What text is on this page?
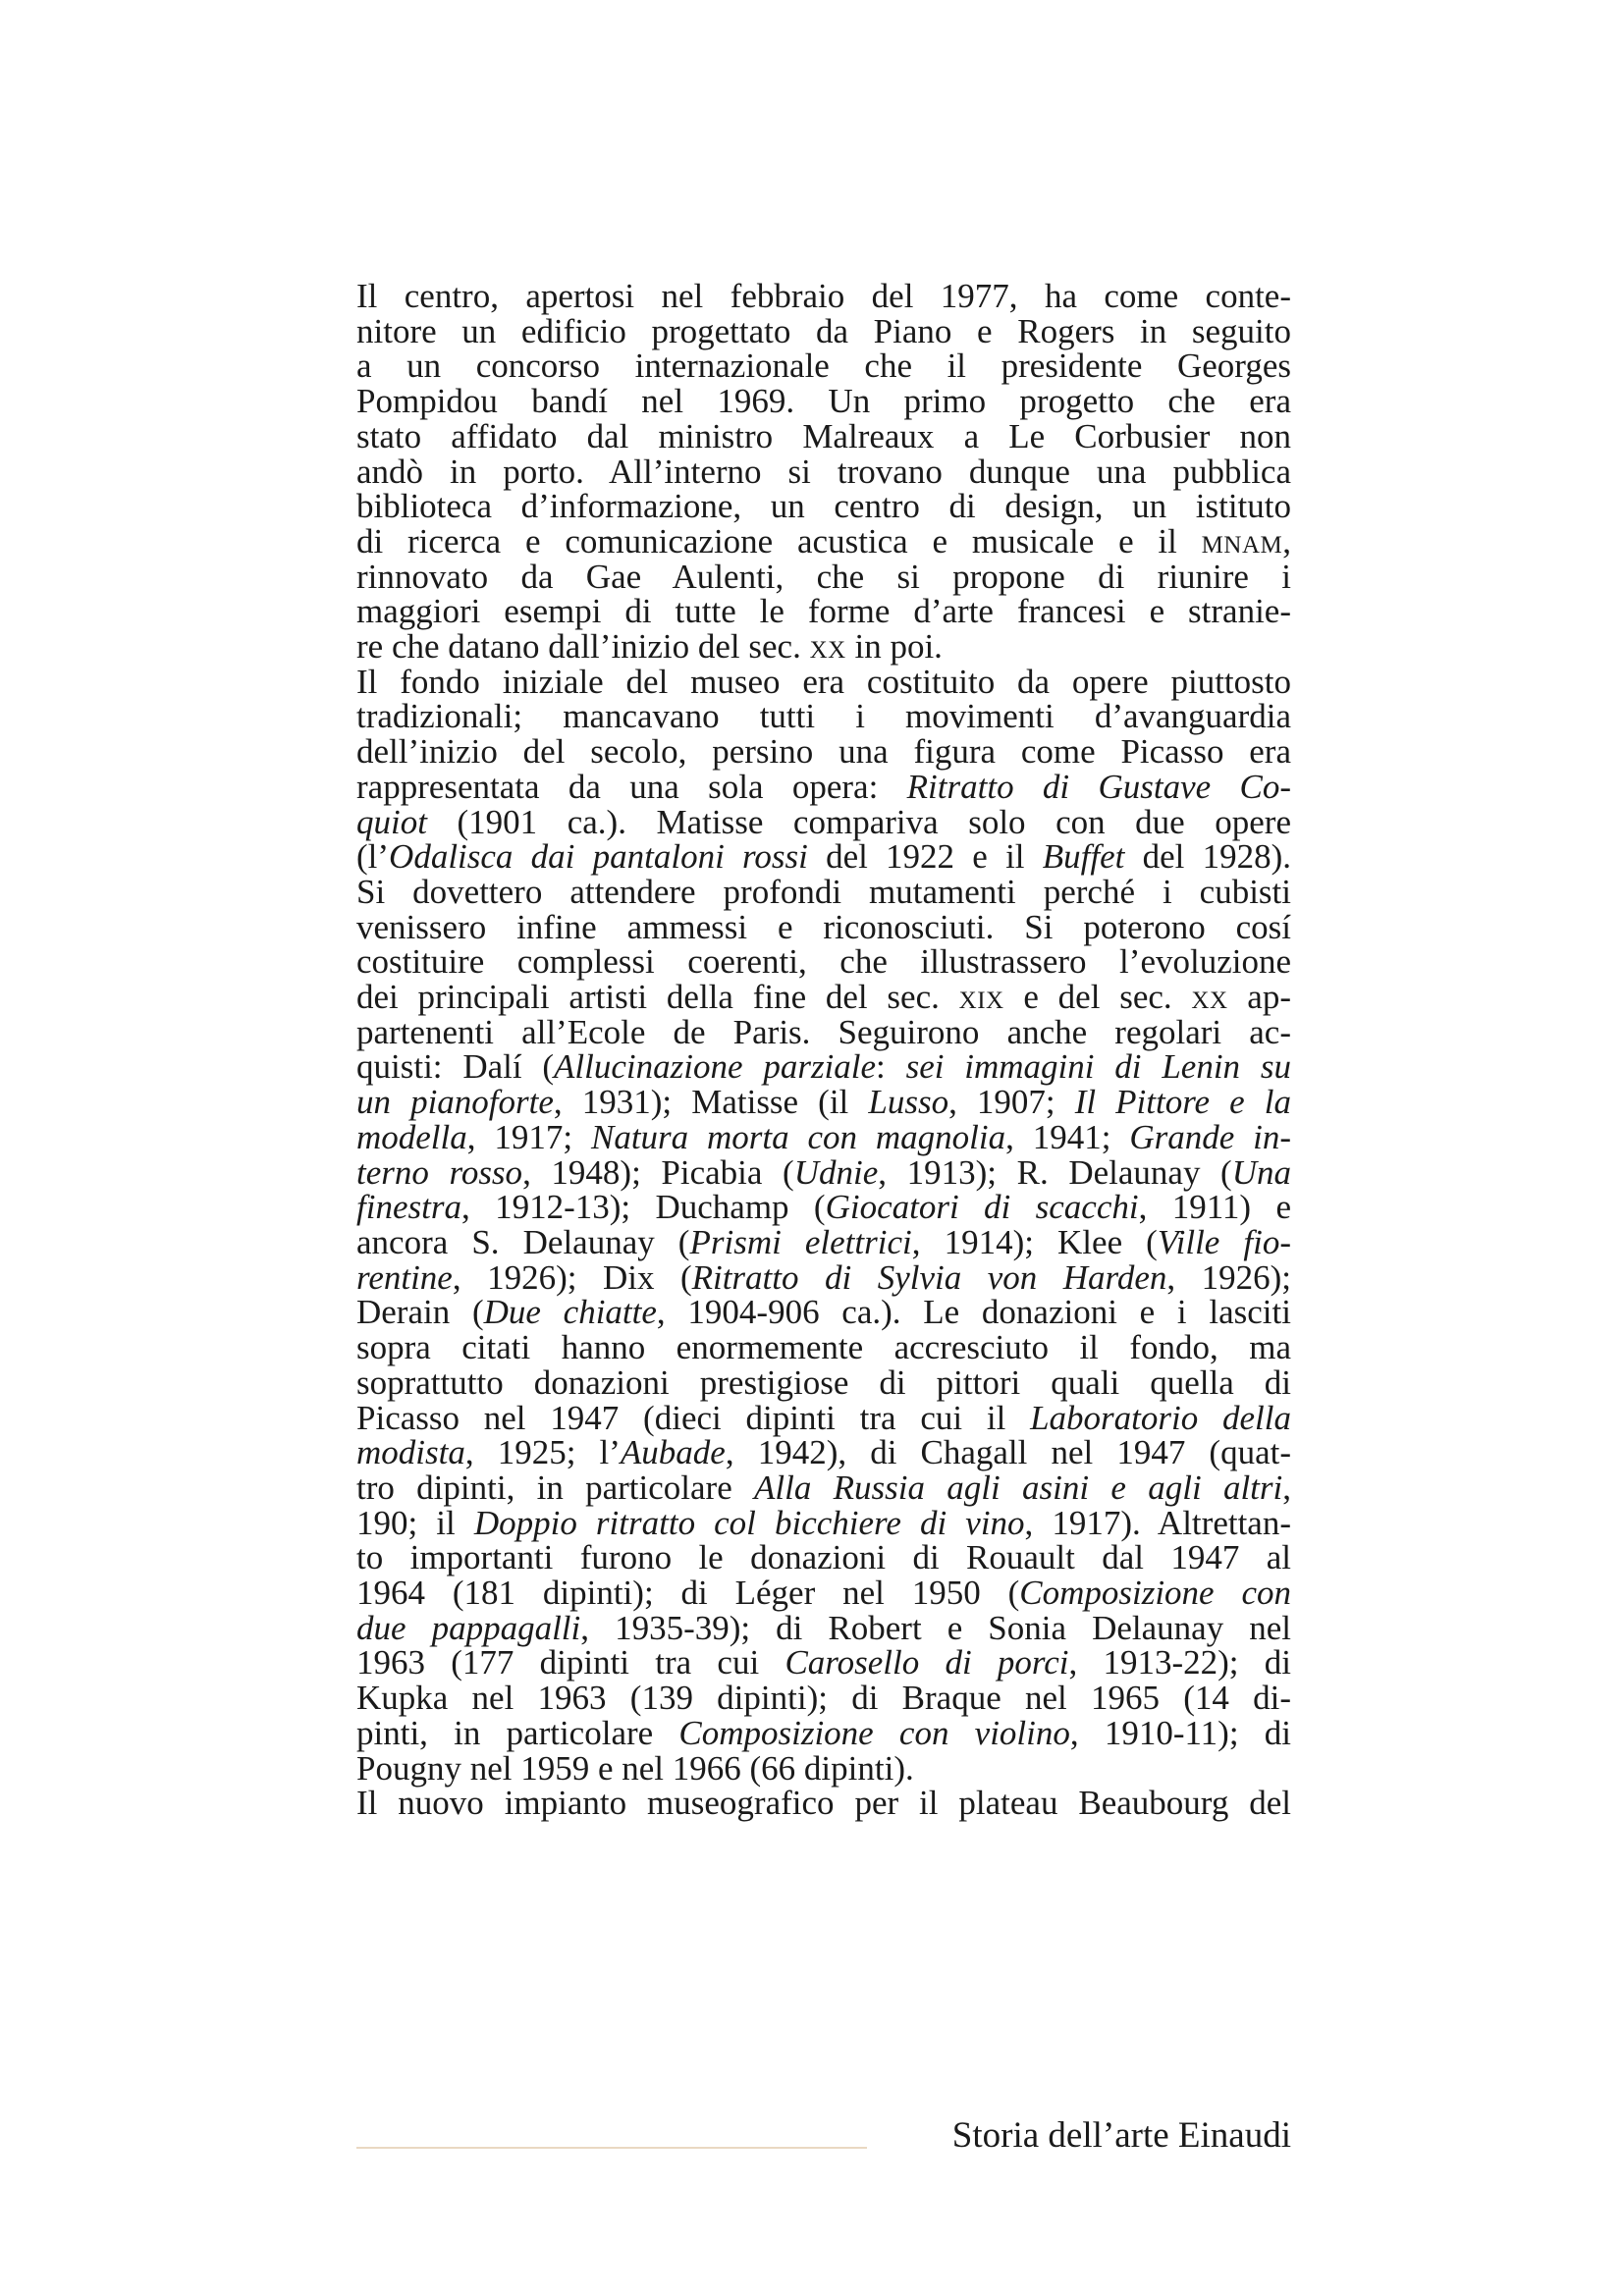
Il centro, apertosi nel febbraio del 1977, ha come conte-
nitore un edificio progettato da Piano e Rogers in seguito
a un concorso internazionale che il presidente Georges
Pompidou bandí nel 1969. Un primo progetto che era
stato affidato dal ministro Malreaux a Le Corbusier non
andò in porto. All’interno si trovano dunque una pubblica
biblioteca d’informazione, un centro di design, un istituto
di ricerca e comunicazione acustica e musicale e il mnam,
rinnovato da Gae Aulenti, che si propone di riunire i
maggiori esempi di tutte le forme d’arte francesi e stranie-
re che datano dall’inizio del sec. xx in poi.
Il fondo iniziale del museo era costituito da opere piuttosto
tradizionali; mancavano tutti i movimenti d’avanguardia
dell’inizio del secolo, persino una figura come Picasso era
rappresentata da una sola opera: Ritratto di Gustave Co-
quiot (1901 ca.). Matisse compariva solo con due opere
(l’Odalisca dai pantaloni rossi del 1922 e il Buffet del 1928).
Si dovettero attendere profondi mutamenti perché i cubisti
venissero infine ammessi e riconosciuti. Si poterono cosí
costituire complessi coerenti, che illustrassero l’evoluzione
dei principali artisti della fine del sec. xix e del sec. xx ap-
partenenti all’Ecole de Paris. Seguirono anche regolari ac-
quisti: Dalí (Allucinazione parziale: sei immagini di Lenin su
un pianoforte, 1931); Matisse (il Lusso, 1907; Il Pittore e la
modella, 1917; Natura morta con magnolia, 1941; Grande in-
terno rosso, 1948); Picabia (Udnie, 1913); R. Delaunay (Una
finestra, 1912-13); Duchamp (Giocatori di scacchi, 1911) e
ancora S. Delaunay (Prismi elettrici, 1914); Klee (Ville fio-
rentine, 1926); Dix (Ritratto di Sylvia von Harden, 1926);
Derain (Due chiatte, 1904-906 ca.). Le donazioni e i lasciti
sopra citati hanno enormemente accresciuto il fondo, ma
soprattutto donazioni prestigiose di pittori quali quella di
Picasso nel 1947 (dieci dipinti tra cui il Laboratorio della
modista, 1925; l’Aubade, 1942), di Chagall nel 1947 (quat-
tro dipinti, in particolare Alla Russia agli asini e agli altri,
190; il Doppio ritratto col bicchiere di vino, 1917). Altrettan-
to importanti furono le donazioni di Rouault dal 1947 al
1964 (181 dipinti); di Léger nel 1950 (Composizione con
due pappagalli, 1935-39); di Robert e Sonia Delaunay nel
1963 (177 dipinti tra cui Carosello di porci, 1913-22); di
Kupka nel 1963 (139 dipinti); di Braque nel 1965 (14 di-
pinti, in particolare Composizione con violino, 1910-11); di
Pougny nel 1959 e nel 1966 (66 dipinti).
Il nuovo impianto museografico per il plateau Beaubourg del
Storia dell’arte Einaudi
